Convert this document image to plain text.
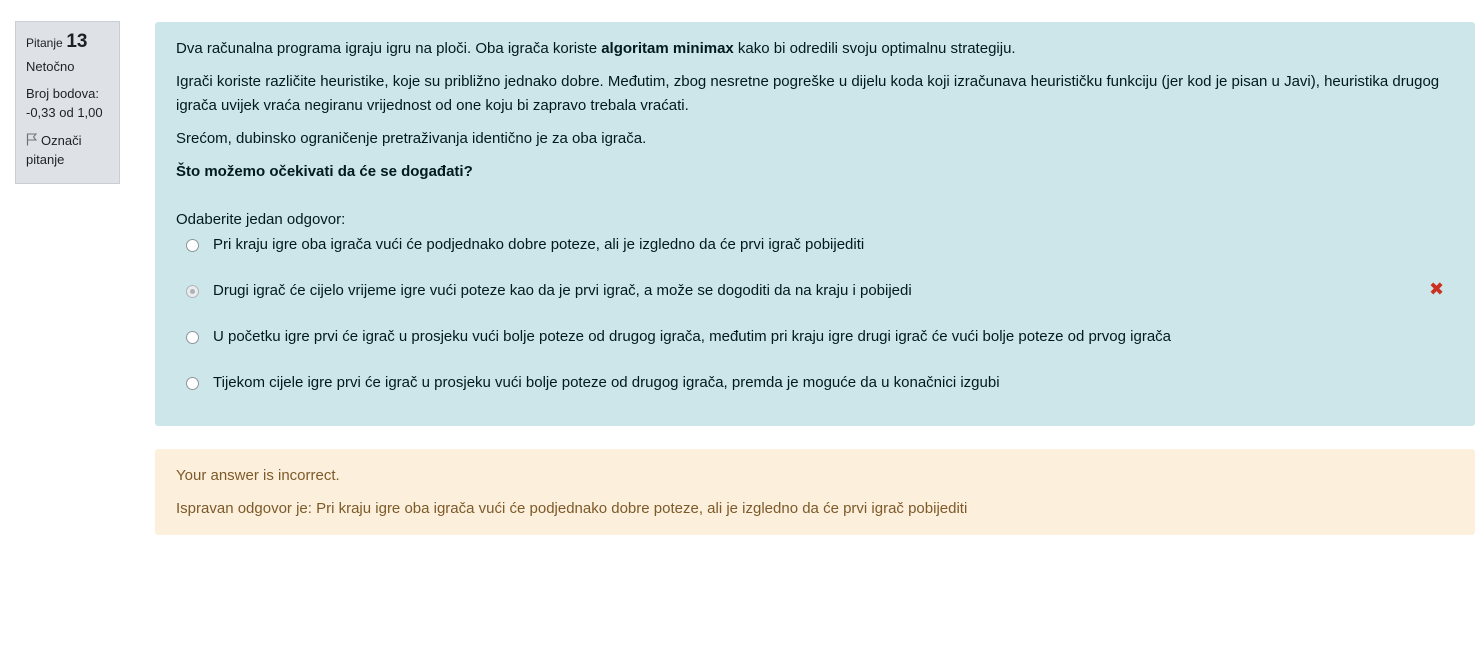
Pitanje 13
Netočno
Broj bodova:
-0,33 od 1,00
Označi pitanje

Dva računalna programa igraju igru na ploči. Oba igrača koriste algoritam minimax kako bi odredili svoju optimalnu strategiju.

Igrači koriste različite heuristike, koje su približno jednako dobre. Međutim, zbog nesretne pogreške u dijelu koda koji izračunava heurističku funkciju (jer kod je pisan u Javi), heuristika drugog igrača uvijek vraća negiranu vrijednost od one koju bi zapravo trebala vraćati.

Srećom, dubinsko ograničenje pretraživanja identično je za oba igrača.

Što možemo očekivati da će se događati?

Odaberite jedan odgovor:
Pri kraju igre oba igrača vući će podjednako dobre poteze, ali je izgledno da će prvi igrač pobijediti
Drugi igrač će cijelo vrijeme igre vući poteze kao da je prvi igrač, a može se dogoditi da na kraju i pobijedi	✖
U početku igre prvi će igrač u prosjeku vući bolje poteze od drugog igrača, međutim pri kraju igre drugi igrač će vući bolje poteze od prvog igrača
Tijekom cijele igre prvi će igrač u prosjeku vući bolje poteze od drugog igrača, premda je moguće da u konačnici izgubi

Your answer is incorrect.

Ispravan odgovor je: Pri kraju igre oba igrača vući će podjednako dobre poteze, ali je izgledno da će prvi igrač pobijediti
